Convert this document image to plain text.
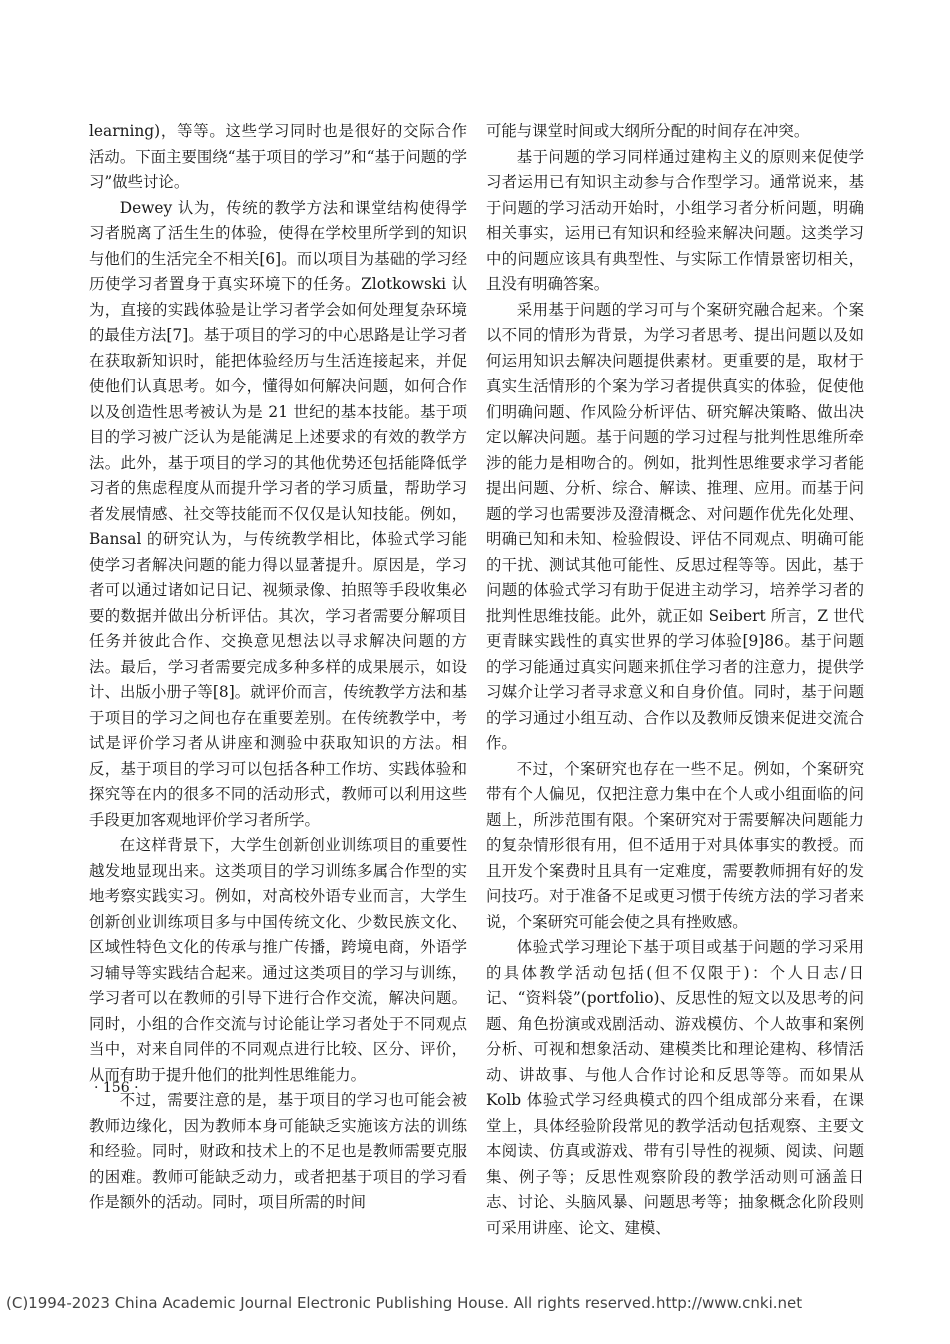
learning)，等等。这些学习同时也是很好的交际合作活动。下面主要围绕“基于项目的学习”和“基于问题的学习”做些讨论。

Dewey 认为，传统的教学方法和课堂结构使得学习者脱离了活生生的体验，使得在学校里所学到的知识与他们的生活完全不相关[6]。而以项目为基础的学习经历使学习者置身于真实环境下的任务。Zlotkowski 认为，直接的实践体验是让学习者学会如何处理复杂环境的最佳方法[7]。基于项目的学习的中心思路是让学习者在获取新知识时，能把体验经历与生活连接起来，并促使他们认真思考。如今，懂得如何解决问题，如何合作以及创造性思考被认为是 21 世纪的基本技能。基于项目的学习被广泛认为是能满足上述要求的有效的教学方法。此外，基于项目的学习的其他优势还包括能降低学习者的焦虑程度从而提升学习者的学习质量，帮助学习者发展情感、社交等技能而不仅仅是认知技能。例如，Bansal 的研究认为，与传统教学相比，体验式学习能使学习者解决问题的能力得以显著提升。原因是，学习者可以通过诸如记日记、视频录像、拍照等手段收集必要的数据并做出分析评估。其次，学习者需要分解项目任务并彼此合作、交换意见想法以寻求解决问题的方法。最后，学习者需要完成多种多样的成果展示，如设计、出版小册子等[8]。就评价而言，传统教学方法和基于项目的学习之间也存在重要差别。在传统教学中，考试是评价学习者从讲座和测验中获取知识的方法。相反，基于项目的学习可以包括各种工作坊、实践体验和探究等在内的很多不同的活动形式，教师可以利用这些手段更加客观地评价学习者所学。

在这样背景下，大学生创新创业训练项目的重要性越发地显现出来。这类项目的学习训练多属合作型的实地考察实践实习。例如，对高校外语专业而言，大学生创新创业训练项目多与中国传统文化、少数民族文化、区域性特色文化的传承与推广传播，跨境电商，外语学习辅导等实践结合起来。通过这类项目的学习与训练，学习者可以在教师的引导下进行合作交流，解决问题。同时，小组的合作交流与讨论能让学习者处于不同观点当中，对来自同伴的不同观点进行比较、区分、评价，从而有助于提升他们的批判性思维能力。

不过，需要注意的是，基于项目的学习也可能会被教师边缘化，因为教师本身可能缺乏实施该方法的训练和经验。同时，财政和技术上的不足也是教师需要克服的困难。教师可能缺乏动力，或者把基于项目的学习看作是额外的活动。同时，项目所需的时间

可能与课堂时间或大纲所分配的时间存在冲突。

基于问题的学习同样通过建构主义的原则来促使学习者运用已有知识主动参与合作型学习。通常说来，基于问题的学习活动开始时，小组学习者分析问题，明确相关事实，运用已有知识和经验来解决问题。这类学习中的问题应该具有典型性、与实际工作情景密切相关，且没有明确答案。

采用基于问题的学习可与个案研究融合起来。个案以不同的情形为背景，为学习者思考、提出问题以及如何运用知识去解决问题提供素材。更重要的是，取材于真实生活情形的个案为学习者提供真实的体验，促使他们明确问题、作风险分析评估、研究解决策略、做出决定以解决问题。基于问题的学习过程与批判性思维所牵涉的能力是相吻合的。例如，批判性思维要求学习者能提出问题、分析、综合、解读、推理、应用。而基于问题的学习也需要涉及澄清概念、对问题作优先化处理、明确已知和未知、检验假设、评估不同观点、明确可能的干扰、测试其他可能性、反思过程等等。因此，基于问题的体验式学习有助于促进主动学习，培养学习者的批判性思维技能。此外，就正如 Seibert 所言，Z 世代更青睐实践性的真实世界的学习体验[9]86。基于问题的学习能通过真实问题来抓住学习者的注意力，提供学习媒介让学习者寻求意义和自身价值。同时，基于问题的学习通过小组互动、合作以及教师反馈来促进交流合作。

不过，个案研究也存在一些不足。例如，个案研究带有个人偏见，仅把注意力集中在个人或小组面临的问题上，所涉范围有限。个案研究对于需要解决问题能力的复杂情形很有用，但不适用于对具体事实的教授。而且开发个案费时且具有一定难度，需要教师拥有好的发问技巧。对于准备不足或更习惯于传统方法的学习者来说，个案研究可能会使之具有挫败感。

体验式学习理论下基于项目或基于问题的学习采用的具体教学活动包括(但不仅限于)：个人日志/日记、“资料袋”(portfolio)、反思性的短文以及思考的问题、角色扮演或戏剧活动、游戏模仿、个人故事和案例分析、可视和想象活动、建模类比和理论建构、移情活动、讲故事、与他人合作讨论和反思等等。而如果从 Kolb 体验式学习经典模式的四个组成部分来看，在课堂上，具体经验阶段常见的教学活动包括观察、主要文本阅读、仿真或游戏、带有引导性的视频、阅读、问题集、例子等；反思性观察阶段的教学活动则可涵盖日志、讨论、头脑风暴、问题思考等；抽象概念化阶段则可采用讲座、论文、建模、

· 156 ·
(C)1994-2023 China Academic Journal Electronic Publishing House. All rights reserved. http://www.cnki.net
